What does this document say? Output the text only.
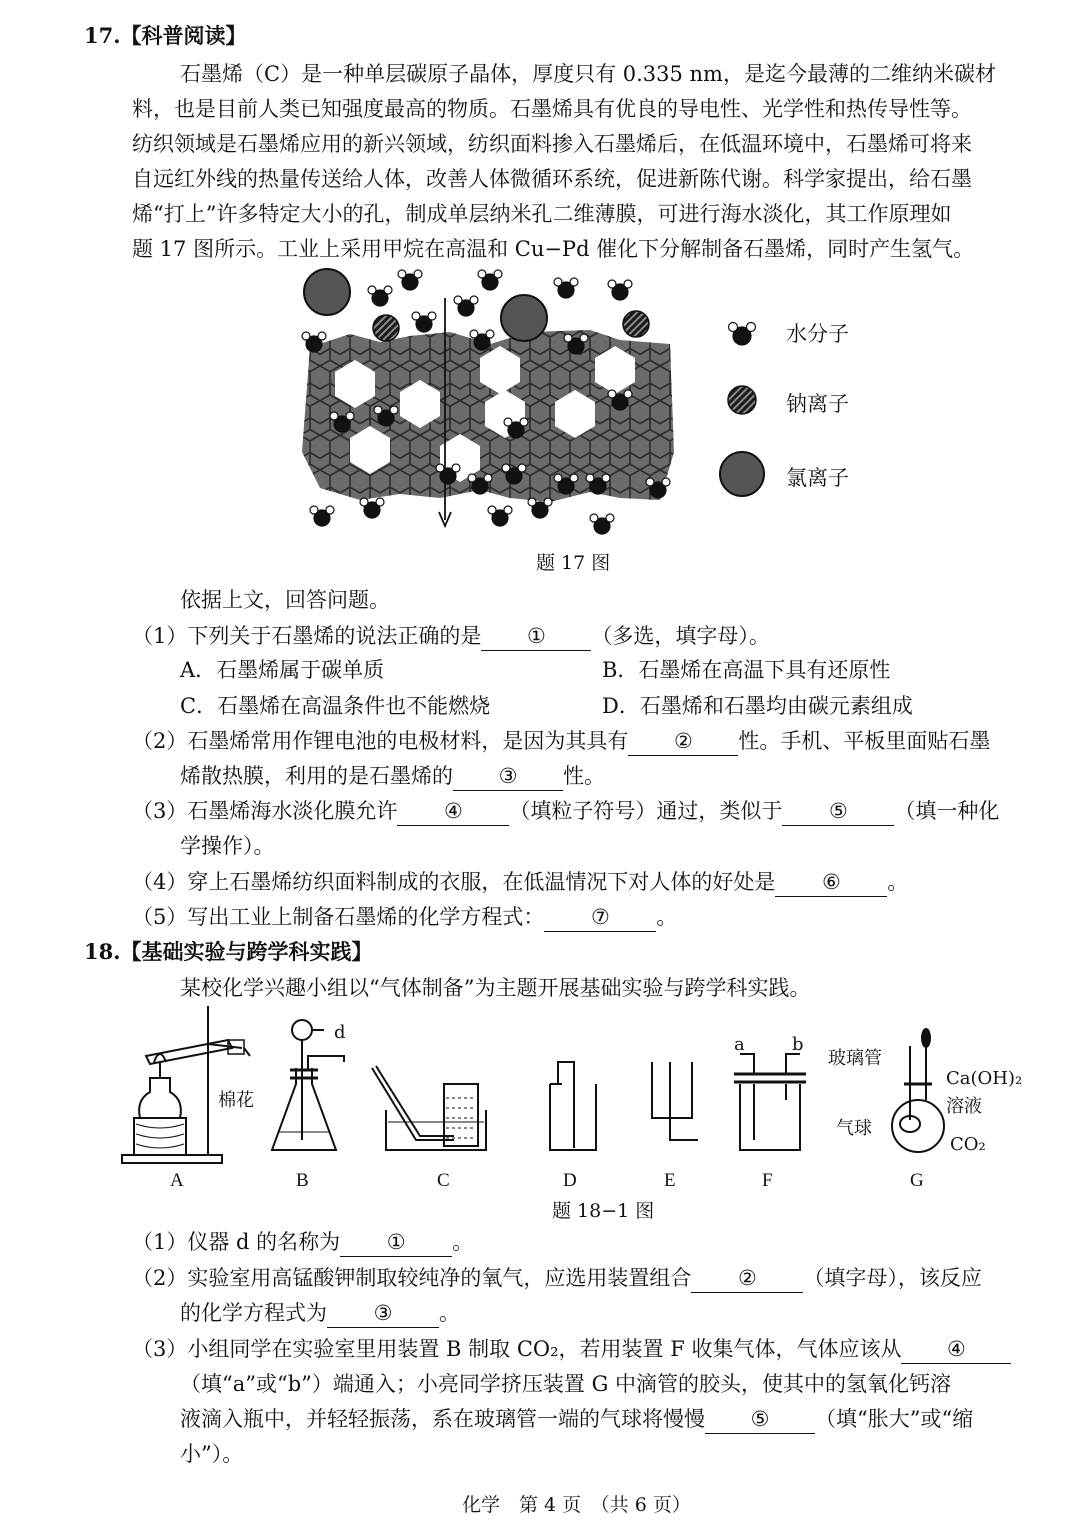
17.【科普阅读】
石墨烯（C）是一种单层碳原子晶体，厚度只有 0.335 nm，是迄今最薄的二维纳米碳材
料，也是目前人类已知强度最高的物质。石墨烯具有优良的导电性、光学性和热传导性等。
纺织领域是石墨烯应用的新兴领域，纺织面料掺入石墨烯后，在低温环境中，石墨烯可将来
自远红外线的热量传送给人体，改善人体微循环系统，促进新陈代谢。科学家提出，给石墨
烯“打上”许多特定大小的孔，制成单层纳米孔二维薄膜，可进行海水淡化，其工作原理如
题 17 图所示。工业上采用甲烷在高温和 Cu−Pd 催化下分解制备石墨烯，同时产生氢气。
水分子
钠离子
氯离子
题 17 图
依据上文，回答问题。
（1）下列关于石墨烯的说法正确的是 ① （多选，填字母）。
A．石墨烯属于碳单质	B．石墨烯在高温下具有还原性
C．石墨烯在高温条件也不能燃烧	D．石墨烯和石墨均由碳元素组成
（2）石墨烯常用作锂电池的电极材料，是因为其具有 ② 性。手机、平板里面贴石墨
烯散热膜，利用的是石墨烯的 ③ 性。
（3）石墨烯海水淡化膜允许 ④ （填粒子符号）通过，类似于 ⑤ （填一种化
学操作）。
（4）穿上石墨烯纺织面料制成的衣服，在低温情况下对人体的好处是 ⑥ 。
（5）写出工业上制备石墨烯的化学方程式： ⑦ 。
18.【基础实验与跨学科实践】
某校化学兴趣小组以“气体制备”为主题开展基础实验与跨学科实践。
棉花
d
a	b
玻璃管
Ca(OH)₂
溶液
气球
CO₂
A	B	C	D	E	F	G
题 18−1 图
（1）仪器 d 的名称为 ① 。
（2）实验室用高锰酸钾制取较纯净的氧气，应选用装置组合 ② （填字母），该反应
的化学方程式为 ③ 。
（3）小组同学在实验室里用装置 B 制取 CO₂，若用装置 F 收集气体，气体应该从 ④
（填“a”或“b”）端通入；小亮同学挤压装置 G 中滴管的胶头，使其中的氢氧化钙溶
液滴入瓶中，并轻轻振荡，系在玻璃管一端的气球将慢慢 ⑤ （填“胀大”或“缩
小”）。
化学　第 4 页　（共 6 页）
